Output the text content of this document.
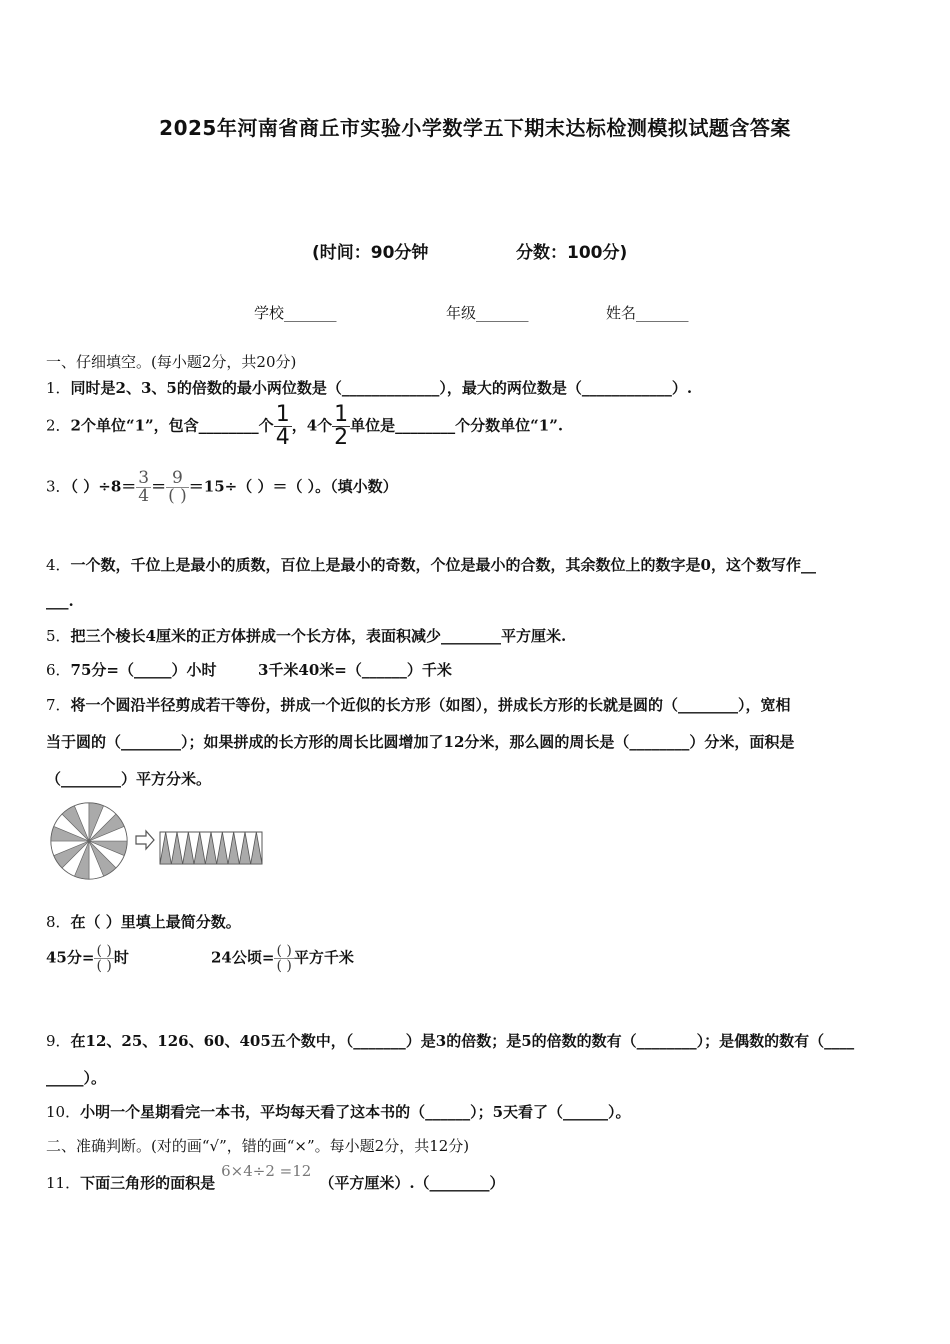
2025年河南省商丘市实验小学数学五下期末达标检测模拟试题含答案
(时间：90分钟	分数：100分)
学校_______	年级_______	姓名_______
一、仔细填空。(每小题2分，共20分)
1．同时是2、3、5的倍数的最小两位数是（_____________），最大的两位数是（____________）.
2．2个单位“1”，包含________个 $\frac{1}{4}$ ，4个 $\frac{1}{2}$ 单位是________个分数单位“1”.
3．（ ）$\div 8= \frac{3}{4} = \frac{9}{( )} =15\div$（ ）＝（ ）。（填小数）
4．一个数，千位上是最小的质数，百位上是最小的奇数，个位是最小的合数，其余数位上的数字是0，这个数写作__
___.
5．把三个棱长4厘米的正方体拼成一个长方体，表面积减少________平方厘米.
6．75分=（_____）小时	3千米40米=（______）千米
7．将一个圆沿半径剪成若干等份，拼成一个近似的长方形（如图），拼成长方形的长就是圆的（________），宽相
当于圆的（________）；如果拼成的长方形的周长比圆增加了12分米，那么圆的周长是（________）分米，面积是
（________）平方分米。
8．在（ ）里填上最简分数。
45分= $\frac{( )}{( )}$ 时	24公顷= $\frac{( )}{( )}$ 平方千米
9．在12、25、126、60、405五个数中，（_______）是3的倍数；是5的倍数的数有（________）；是偶数的数有（____
_____）。
10．小明一个星期看完一本书，平均每天看了这本书的（______）；5天看了（______）。
二、准确判断。(对的画“√”，错的画“×”。每小题2分，共12分)
11．下面三角形的面积是6×4÷2 =12（平方厘米）.（________）
